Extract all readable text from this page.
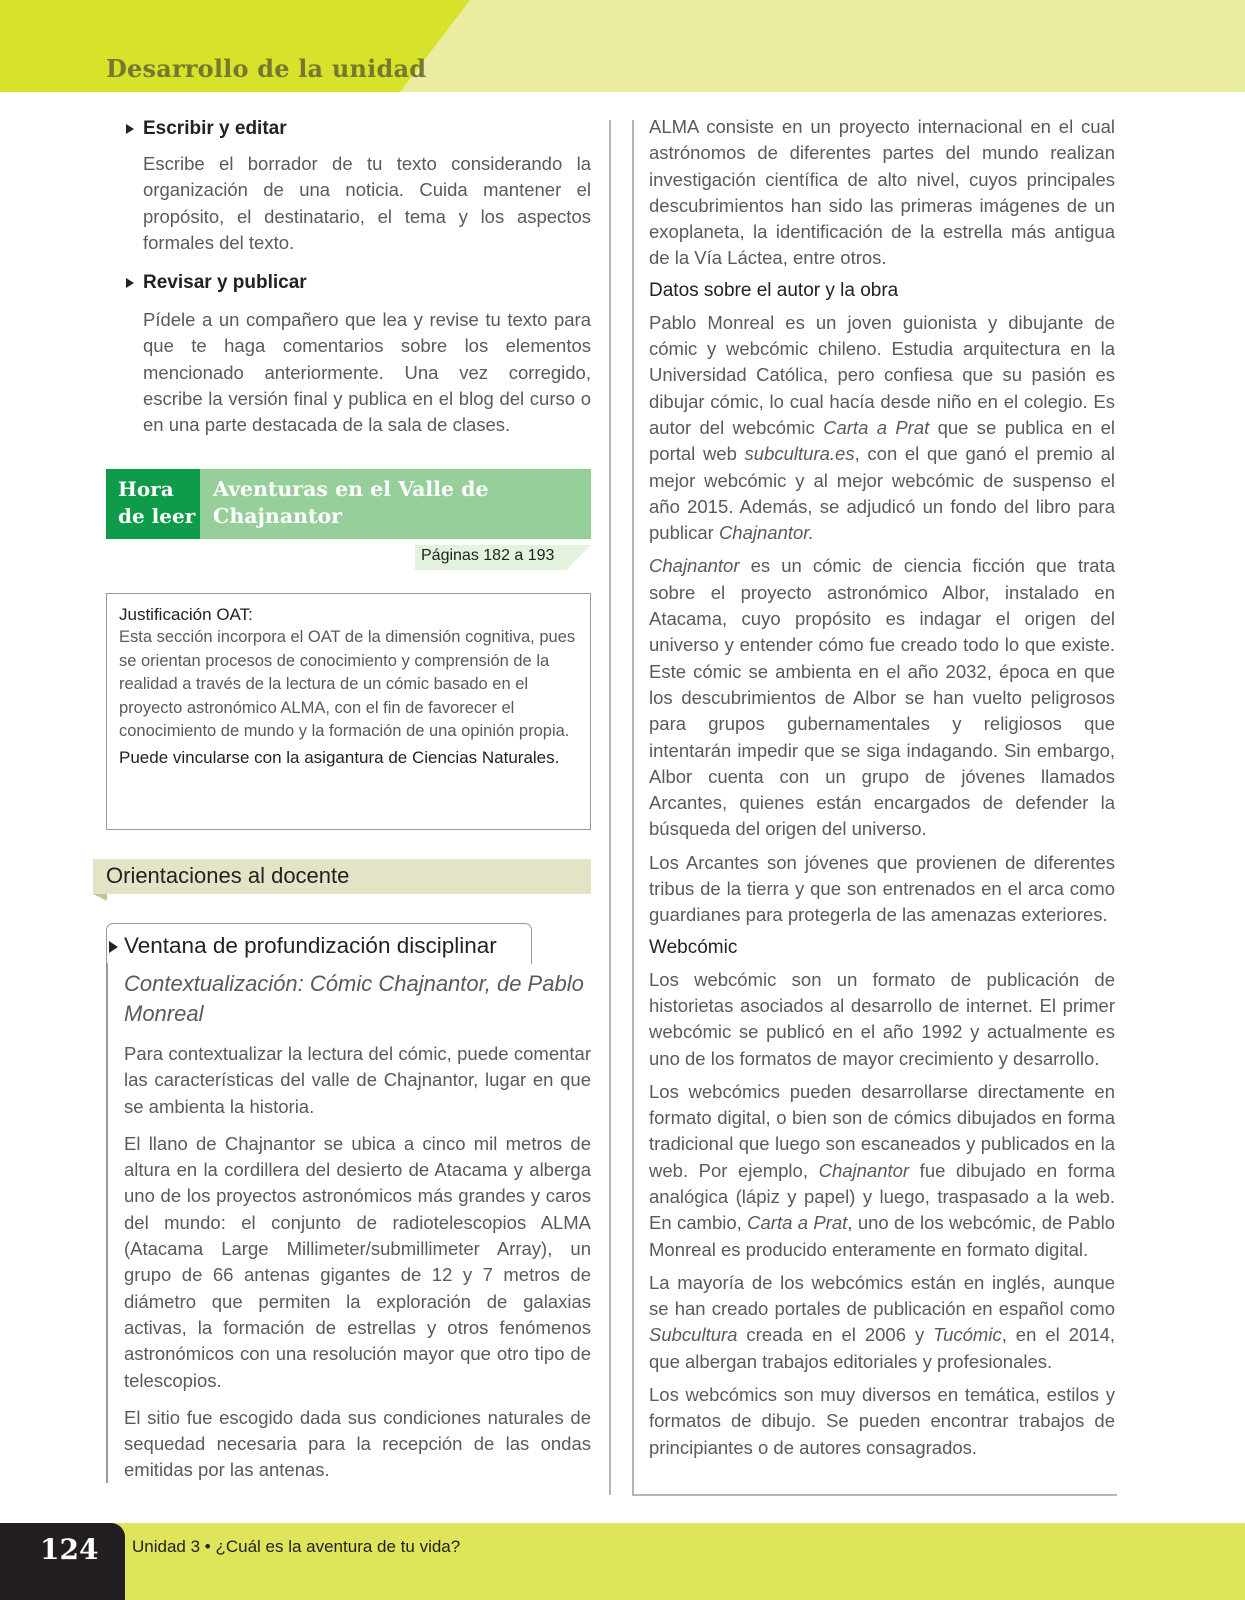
Desarrollo de la unidad
Escribir y editar

Escribe el borrador de tu texto considerando la organización de una noticia. Cuida mantener el propósito, el destinatario, el tema y los aspectos formales del texto.

Revisar y publicar

Pídele a un compañero que lea y revise tu texto para que te haga comentarios sobre los elementos mencionado anteriormente. Una vez corregido, escribe la versión final y publica en el blog del curso o en una parte destacada de la sala de clases.

Hora
de leer
Aventuras en el Valle de Chajnantor
Páginas 182 a 193
Justificación OAT:
Esta sección incorpora el OAT de la dimensión cognitiva, pues se orientan procesos de conocimiento y comprensión de la realidad a través de la lectura de un cómic basado en el proyecto astronómico ALMA, con el fin de favorecer el conocimiento de mundo y la formación de una opinión propia.
Puede vincularse con la asigantura de Ciencias Naturales.
Orientaciones al docente
Ventana de profundización disciplinar
Contextualización: Cómic Chajnantor, de Pablo Monreal

Para contextualizar la lectura del cómic, puede comentar las características del valle de Chajnantor, lugar en que se ambienta la historia.

El llano de Chajnantor se ubica a cinco mil metros de altura en la cordillera del desierto de Atacama y alberga uno de los proyectos astronómicos más grandes y caros del mundo: el conjunto de radiotelescopios ALMA (Atacama Large Millimeter/submillimeter Array), un grupo de 66 antenas gigantes de 12 y 7 metros de diámetro que permiten la exploración de galaxias activas, la formación de estrellas y otros fenómenos astronómicos con una resolución mayor que otro tipo de telescopios.

El sitio fue escogido dada sus condiciones naturales de sequedad necesaria para la recepción de las ondas emitidas por las antenas.

ALMA consiste en un proyecto internacional en el cual astrónomos de diferentes partes del mundo realizan investigación científica de alto nivel, cuyos principales descubrimientos han sido las primeras imágenes de un exoplaneta, la identificación de la estrella más antigua de la Vía Láctea, entre otros.

Datos sobre el autor y la obra

Pablo Monreal es un joven guionista y dibujante de cómic y webcómic chileno. Estudia arquitectura en la Universidad Católica, pero confiesa que su pasión es dibujar cómic, lo cual hacía desde niño en el colegio. Es autor del webcómic Carta a Prat que se publica en el portal web subcultura.es, con el que ganó el premio al mejor webcómic y al mejor webcómic de suspenso el año 2015. Además, se adjudicó un fondo del libro para publicar Chajnantor.

Chajnantor es un cómic de ciencia ficción que trata sobre el proyecto astronómico Albor, instalado en Atacama, cuyo propósito es indagar el origen del universo y entender cómo fue creado todo lo que existe. Este cómic se ambienta en el año 2032, época en que los descubrimientos de Albor se han vuelto peligrosos para grupos gubernamentales y religiosos que intentarán impedir que se siga indagando. Sin embargo, Albor cuenta con un grupo de jóvenes llamados Arcantes, quienes están encargados de defender la búsqueda del origen del universo.

Los Arcantes son jóvenes que provienen de diferentes tribus de la tierra y que son entrenados en el arca como guardianes para protegerla de las amenazas exteriores.

Webcómic

Los webcómic son un formato de publicación de historietas asociados al desarrollo de internet. El primer webcómic se publicó en el año 1992 y actualmente es uno de los formatos de mayor crecimiento y desarrollo.

Los webcómics pueden desarrollarse directamente en formato digital, o bien son de cómics dibujados en forma tradicional que luego son escaneados y publicados en la web. Por ejemplo, Chajnantor fue dibujado en forma analógica (lápiz y papel) y luego, traspasado a la web. En cambio, Carta a Prat, uno de los webcómic, de Pablo Monreal es producido enteramente en formato digital.

La mayoría de los webcómics están en inglés, aunque se han creado portales de publicación en español como Subcultura creada en el 2006 y Tucómic, en el 2014, que albergan trabajos editoriales y profesionales.

Los webcómics son muy diversos en temática, estilos y formatos de dibujo. Se pueden encontrar trabajos de principiantes o de autores consagrados.

124 Unidad 3 • ¿Cuál es la aventura de tu vida?
